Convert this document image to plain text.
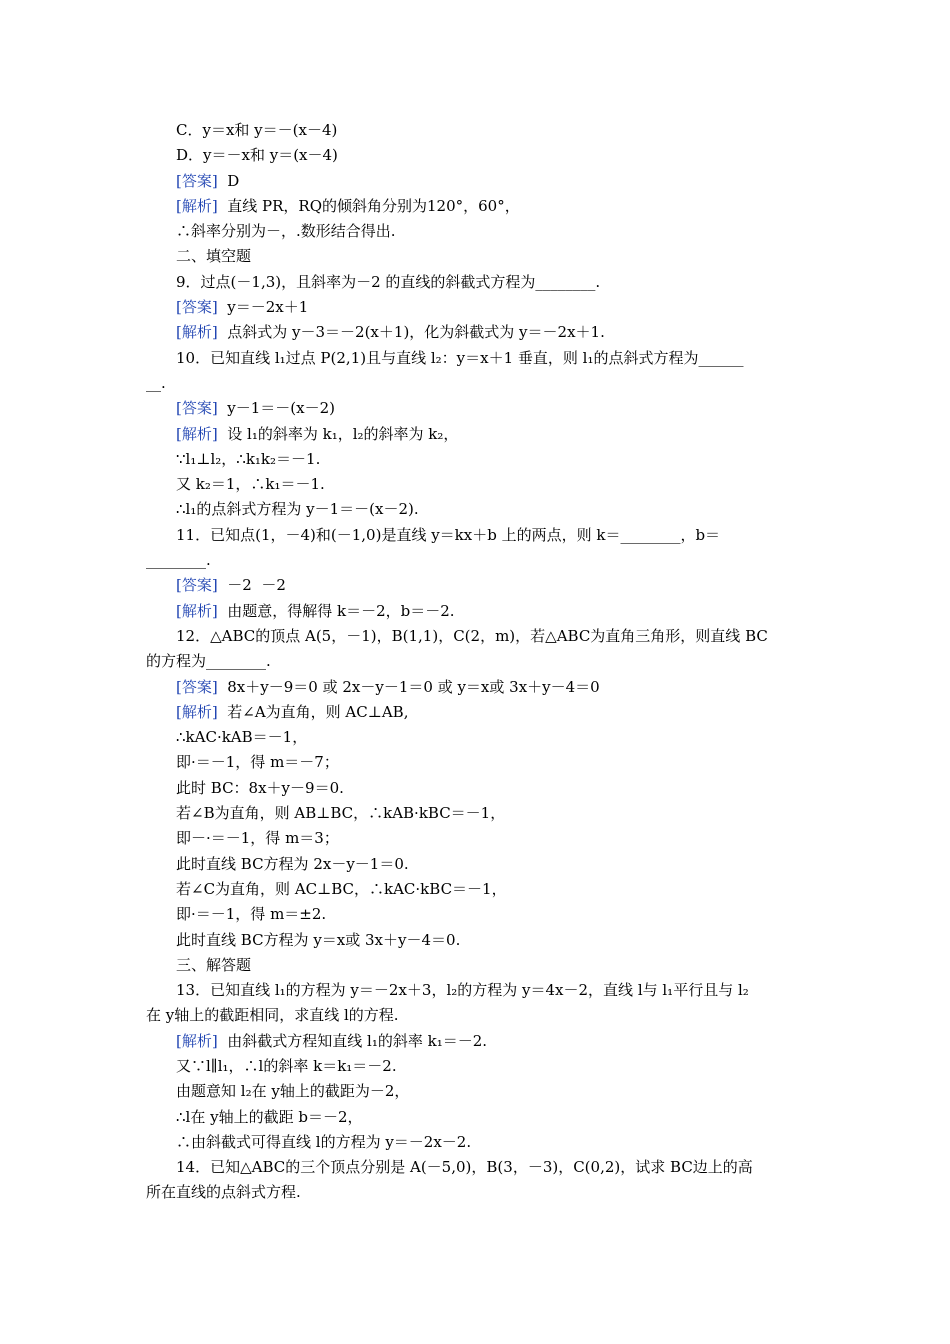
C．y＝x和 y＝－(x－4)
D．y＝－x和 y＝(x－4)
[答案]  D
[解析]  直线 PR，RQ的倾斜角分别为120°，60°，
∴斜率分别为－，.数形结合得出.
二、填空题
9．过点(－1,3)，且斜率为－2 的直线的斜截式方程为________.
[答案]  y＝－2x＋1
[解析]  点斜式为 y－3＝－2(x＋1)，化为斜截式为 y＝－2x＋1.
10．已知直线 l₁过点 P(2,1)且与直线 l₂：y＝x＋1 垂直，则 l₁的点斜式方程为______
__.
[答案]  y－1＝－(x－2)
[解析]  设 l₁的斜率为 k₁，l₂的斜率为 k₂，
∵l₁⊥l₂，∴k₁k₂＝－1.
又 k₂＝1，∴k₁＝－1.
∴l₁的点斜式方程为 y－1＝－(x－2).
11．已知点(1，－4)和(－1,0)是直线 y＝kx＋b 上的两点，则 k＝________，b＝
________.
[答案]  －2  －2
[解析]  由题意，得解得 k＝－2，b＝－2.
12．△ABC的顶点 A(5，－1)，B(1,1)，C(2，m)，若△ABC为直角三角形，则直线 BC
的方程为________.
[答案]  8x＋y－9＝0 或 2x－y－1＝0 或 y＝x或 3x＋y－4＝0
[解析]  若∠A为直角，则 AC⊥AB,
∴kAC·kAB＝－1，
即·＝－1，得 m＝－7；
此时 BC：8x＋y－9＝0.
若∠B为直角，则 AB⊥BC，∴kAB·kBC＝－1，
即－·＝－1，得 m＝3；
此时直线 BC方程为 2x－y－1＝0.
若∠C为直角，则 AC⊥BC，∴kAC·kBC＝－1，
即·＝－1，得 m＝±2.
此时直线 BC方程为 y＝x或 3x＋y－4＝0.
三、解答题
13．已知直线 l₁的方程为 y＝－2x＋3，l₂的方程为 y＝4x－2，直线 l与 l₁平行且与 l₂
在 y轴上的截距相同，求直线 l的方程.
[解析]  由斜截式方程知直线 l₁的斜率 k₁＝－2.
又∵l∥l₁，∴l的斜率 k＝k₁＝－2.
由题意知 l₂在 y轴上的截距为－2，
∴l在 y轴上的截距 b＝－2，
∴由斜截式可得直线 l的方程为 y＝－2x－2.
14．已知△ABC的三个顶点分别是 A(－5,0)，B(3，－3)，C(0,2)，试求 BC边上的高
所在直线的点斜式方程.
